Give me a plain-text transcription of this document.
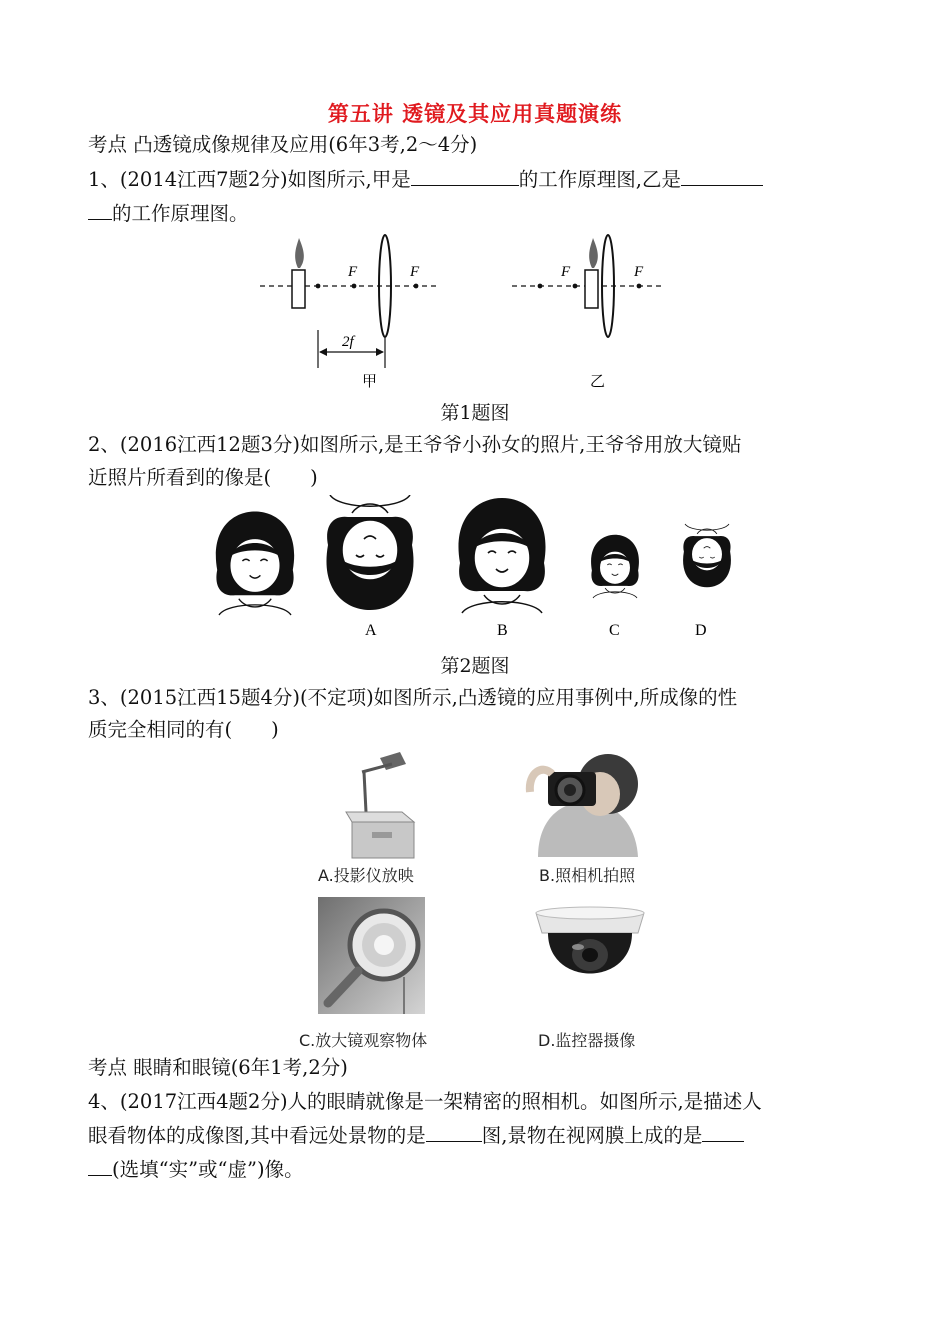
第五讲 透镜及其应用真题演练
考点 凸透镜成像规律及应用(6年3考,2～4分)
1、(2014江西7题2分)如图所示,甲是	的工作原理图,乙是
的工作原理图。
F	F
2f
甲
F	F
乙
第1题图
2、(2016江西12题3分)如图所示,是王爷爷小孙女的照片,王爷爷用放大镜贴
近照片所看到的像是(　　)
A	B	C	D
第2题图
3、(2015江西15题4分)(不定项)如图所示,凸透镜的应用事例中,所成像的性
质完全相同的有(　　)
A.投影仪放映	B.照相机拍照
C.放大镜观察物体	D.监控器摄像
考点 眼睛和眼镜(6年1考,2分)
4、(2017江西4题2分)人的眼睛就像是一架精密的照相机。如图所示,是描述人
眼看物体的成像图,其中看远处景物的是	图,景物在视网膜上成的是
(选填“实”或“虚”)像。
